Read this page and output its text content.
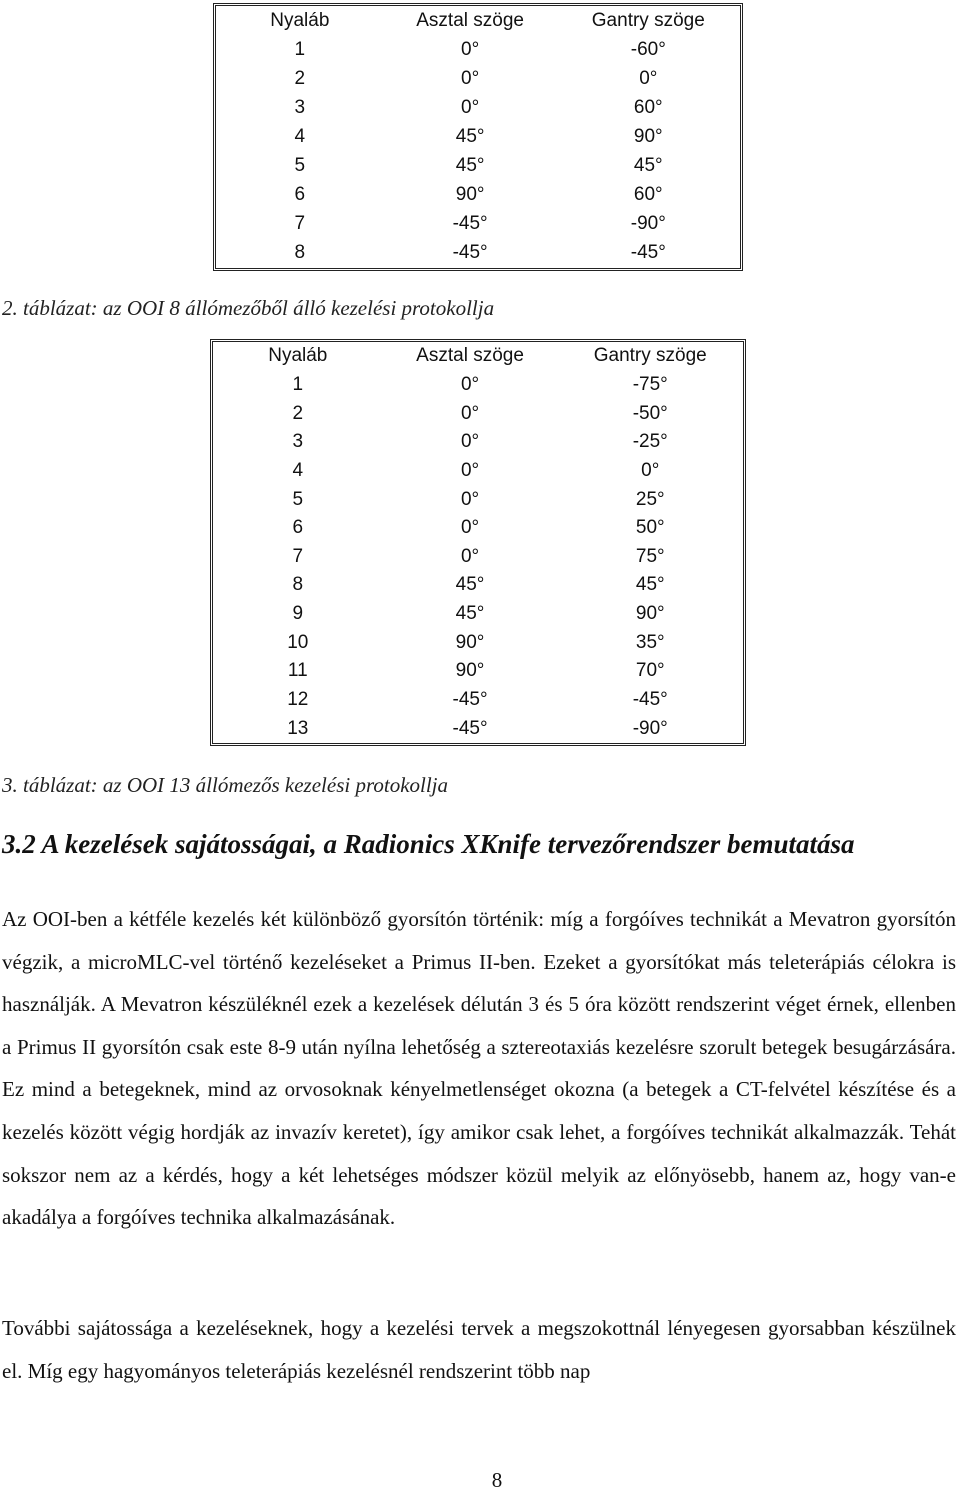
Nyaláb	Asztal szöge	Gantry szöge
1	0°	-60°
2	0°	0°
3	0°	60°
4	45°	90°
5	45°	45°
6	90°	60°
7	-45°	-90°
8	-45°	-45°

2. táblázat: az OOI 8 állómezőből álló kezelési protokollja

Nyaláb	Asztal szöge	Gantry szöge
1	0°	-75°
2	0°	-50°
3	0°	-25°
4	0°	0°
5	0°	25°
6	0°	50°
7	0°	75°
8	45°	45°
9	45°	90°
10	90°	35°
11	90°	70°
12	-45°	-45°
13	-45°	-90°

3. táblázat: az OOI 13 állómezős kezelési protokollja

3.2 A kezelések sajátosságai, a Radionics XKnife tervezőrendszer bemutatása

Az OOI-ben a kétféle kezelés két különböző gyorsítón történik: míg a forgóíves technikát a Mevatron gyorsítón végzik, a microMLC-vel történő kezeléseket a Primus II-ben. Ezeket a gyorsítókat más teleterápiás célokra is használják. A Mevatron készüléknél ezek a kezelések délután 3 és 5 óra között rendszerint véget érnek, ellenben a Primus II gyorsítón csak este 8-9 után nyílna lehetőség a sztereotaxiás kezelésre szorult betegek besugárzására. Ez mind a betegeknek, mind az orvosoknak kényelmetlenséget okozna (a betegek a CT-felvétel készítése és a kezelés között végig hordják az invazív keretet), így amikor csak lehet, a forgóíves technikát alkalmazzák. Tehát sokszor nem az a kérdés, hogy a két lehetséges módszer közül melyik az előnyösebb, hanem az, hogy van-e akadálya a forgóíves technika alkalmazásának.

További sajátossága a kezeléseknek, hogy a kezelési tervek a megszokottnál lényegesen gyorsabban készülnek el. Míg egy hagyományos teleterápiás kezelésnél rendszerint több nap

8
